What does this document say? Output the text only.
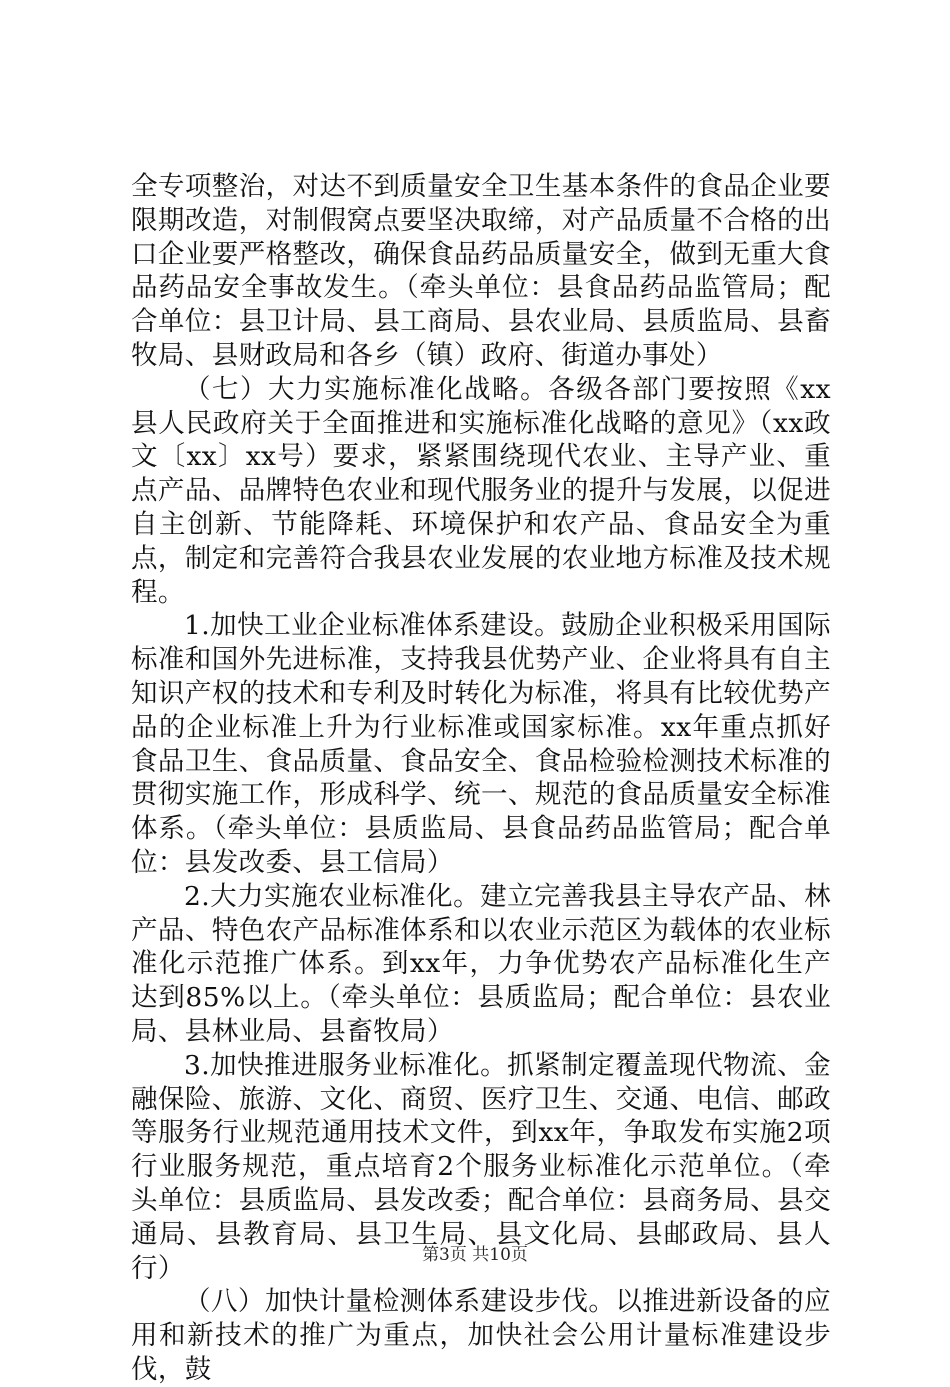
全专项整治，对达不到质量安全卫生基本条件的食品企业要限期改造，对制假窝点要坚决取缔，对产品质量不合格的出口企业要严格整改，确保食品药品质量安全，做到无重大食品药品安全事故发生。（牵头单位：县食品药品监管局；配合单位：县卫计局、县工商局、县农业局、县质监局、县畜牧局、县财政局和各乡（镇）政府、街道办事处）

（七）大力实施标准化战略。各级各部门要按照《xx县人民政府关于全面推进和实施标准化战略的意见》（xx政文〔xx〕xx号）要求，紧紧围绕现代农业、主导产业、重点产品、品牌特色农业和现代服务业的提升与发展，以促进自主创新、节能降耗、环境保护和农产品、食品安全为重点，制定和完善符合我县农业发展的农业地方标准及技术规程。

1.加快工业企业标准体系建设。鼓励企业积极采用国际标准和国外先进标准，支持我县优势产业、企业将具有自主知识产权的技术和专利及时转化为标准，将具有比较优势产品的企业标准上升为行业标准或国家标准。xx年重点抓好食品卫生、食品质量、食品安全、食品检验检测技术标准的贯彻实施工作，形成科学、统一、规范的食品质量安全标准体系。（牵头单位：县质监局、县食品药品监管局；配合单位：县发改委、县工信局）

2.大力实施农业标准化。建立完善我县主导农产品、林产品、特色农产品标准体系和以农业示范区为载体的农业标准化示范推广体系。到xx年，力争优势农产品标准化生产达到85%以上。（牵头单位：县质监局；配合单位：县农业局、县林业局、县畜牧局）

3.加快推进服务业标准化。抓紧制定覆盖现代物流、金融保险、旅游、文化、商贸、医疗卫生、交通、电信、邮政等服务行业规范通用技术文件，到xx年，争取发布实施2项行业服务规范，重点培育2个服务业标准化示范单位。（牵头单位：县质监局、县发改委；配合单位：县商务局、县交通局、县教育局、县卫生局、县文化局、县邮政局、县人行）

（八）加快计量检测体系建设步伐。以推进新设备的应用和新技术的推广为重点，加快社会公用计量标准建设步伐，鼓

第3页 共10页
